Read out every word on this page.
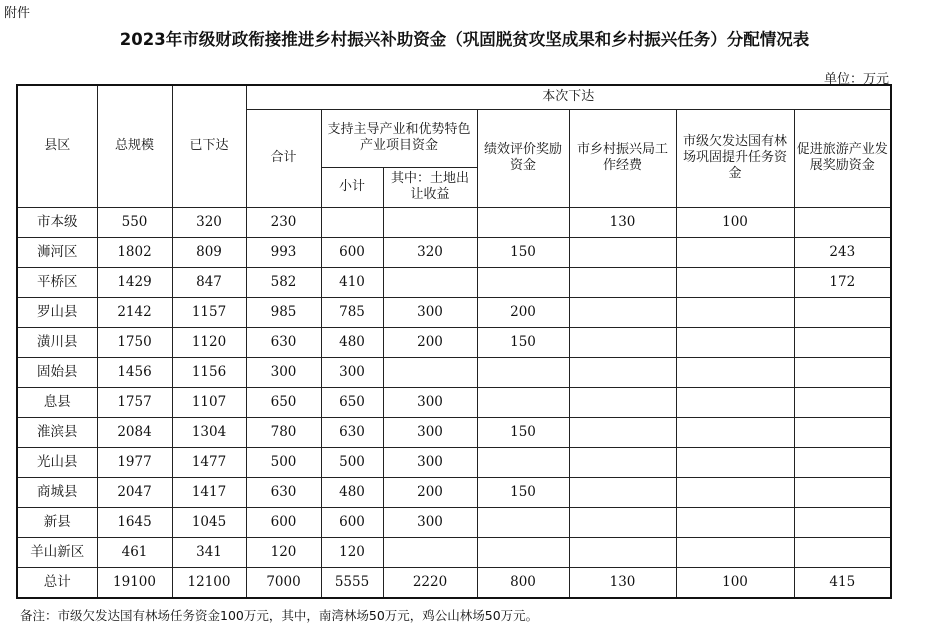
附件
2023年市级财政衔接推进乡村振兴补助资金（巩固脱贫攻坚成果和乡村振兴任务）分配情况表
单位：万元
县区	总规模	已下达	本次下达						
			合计	支持主导产业和优势特色产业项目资金		绩效评价奖励资金	市乡村振兴局工作经费	市级欠发达国有林场巩固提升任务资金	促进旅游产业发展奖励资金
				小计	其中：土地出让收益				
市本级	550	320	230				130	100	
浉河区	1802	809	993	600	320	150			243
平桥区	1429	847	582	410					172
罗山县	2142	1157	985	785	300	200			
潢川县	1750	1120	630	480	200	150			
固始县	1456	1156	300	300					
息县	1757	1107	650	650	300				
淮滨县	2084	1304	780	630	300	150			
光山县	1977	1477	500	500	300				
商城县	2047	1417	630	480	200	150			
新县	1645	1045	600	600	300				
羊山新区	461	341	120	120					
总计	19100	12100	7000	5555	2220	800	130	100	415
备注：市级欠发达国有林场任务资金100万元，其中，南湾林场50万元，鸡公山林场50万元。
